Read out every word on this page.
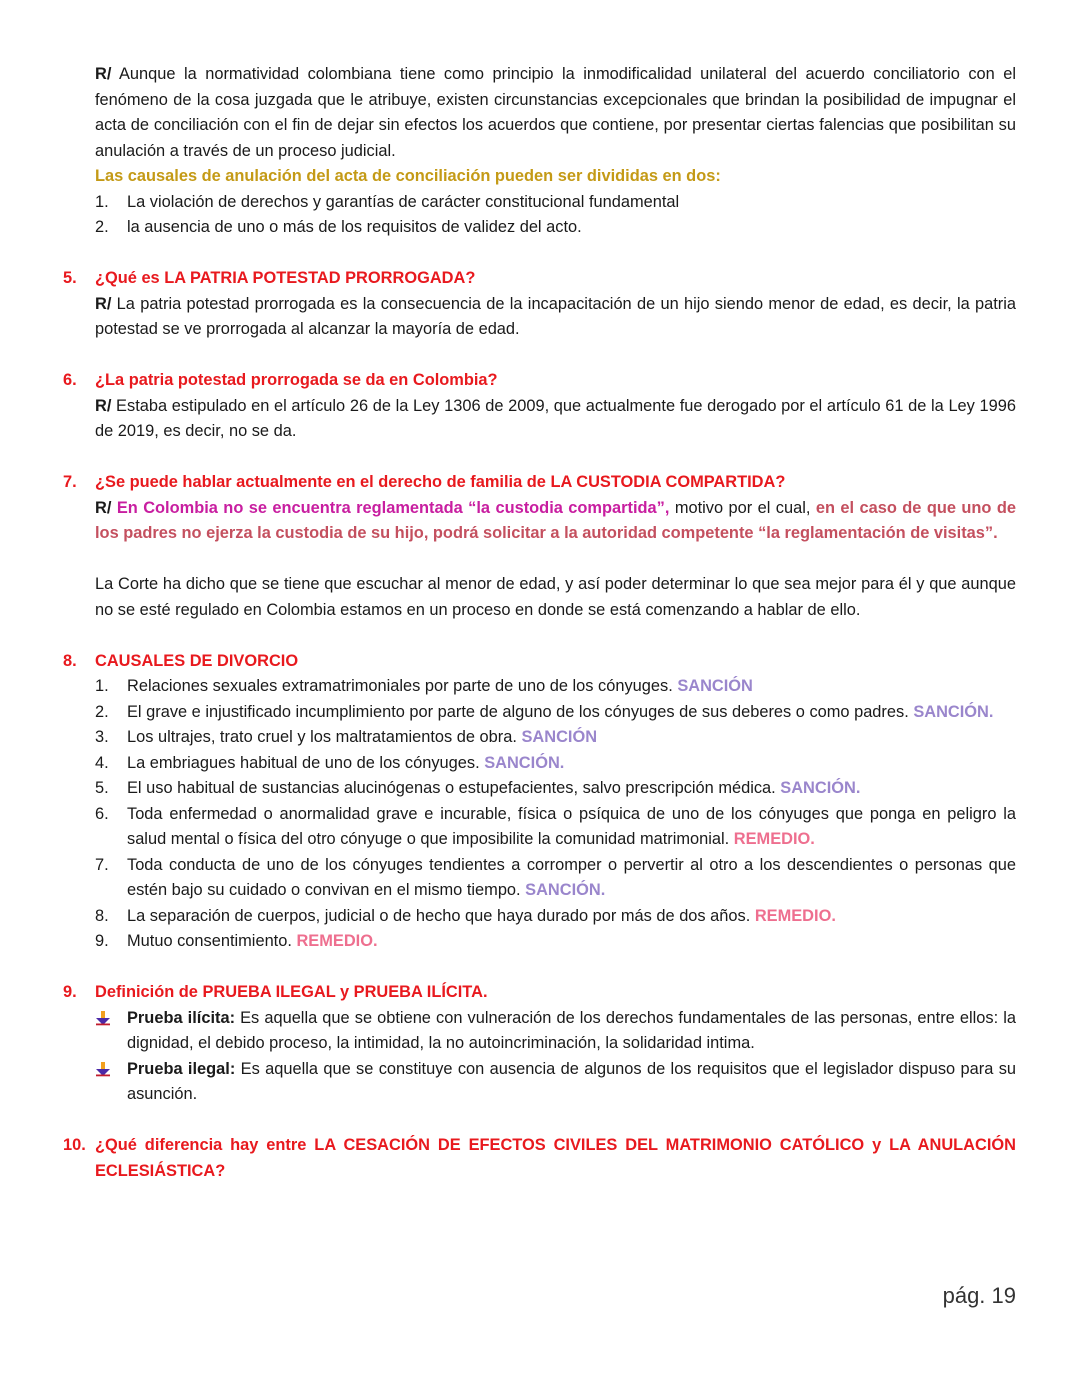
R/ Aunque la normatividad colombiana tiene como principio la inmodificalidad unilateral del acuerdo conciliatorio con el fenómeno de la cosa juzgada que le atribuye, existen circunstancias excepcionales que brindan la posibilidad de impugnar el acta de conciliación con el fin de dejar sin efectos los acuerdos que contiene, por presentar ciertas falencias que posibilitan su anulación a través de un proceso judicial.

Las causales de anulación del acta de conciliación pueden ser divididas en dos:

1. La violación de derechos y garantías de carácter constitucional fundamental
2. la ausencia de uno o más de los requisitos de validez del acto.
5. ¿Qué es LA PATRIA POTESTAD PRORROGADA?

R/ La patria potestad prorrogada es la consecuencia de la incapacitación de un hijo siendo menor de edad, es decir, la patria potestad se ve prorrogada al alcanzar la mayoría de edad.

6. ¿La patria potestad prorrogada se da en Colombia?

R/ Estaba estipulado en el artículo 26 de la Ley 1306 de 2009, que actualmente fue derogado por el artículo 61 de la Ley 1996 de 2019, es decir, no se da.

7. ¿Se puede hablar actualmente en el derecho de familia de LA CUSTODIA COMPARTIDA?

R/ En Colombia no se encuentra reglamentada “la custodia compartida”, motivo por el cual, en el caso de que uno de los padres no ejerza la custodia de su hijo, podrá solicitar a la autoridad competente “la reglamentación de visitas”.

La Corte ha dicho que se tiene que escuchar al menor de edad, y así poder determinar lo que sea mejor para él y que aunque no se esté regulado en Colombia estamos en un proceso en donde se está comenzando a hablar de ello.

8. CAUSALES DE DIVORCIO
1. Relaciones sexuales extramatrimoniales por parte de uno de los cónyuges. SANCIÓN
2. El grave e injustificado incumplimiento por parte de alguno de los cónyuges de sus deberes o como padres. SANCIÓN.
3. Los ultrajes, trato cruel y los maltratamientos de obra. SANCIÓN
4. La embriagues habitual de uno de los cónyuges. SANCIÓN.
5. El uso habitual de sustancias alucinógenas o estupefacientes, salvo prescripción médica. SANCIÓN.
6. Toda enfermedad o anormalidad grave e incurable, física o psíquica de uno de los cónyuges que ponga en peligro la salud mental o física del otro cónyuge o que imposibilite la comunidad matrimonial. REMEDIO.
7. Toda conducta de uno de los cónyuges tendientes a corromper o pervertir al otro a los descendientes o personas que estén bajo su cuidado o convivan en el mismo tiempo. SANCIÓN.
8. La separación de cuerpos, judicial o de hecho que haya durado por más de dos años. REMEDIO.
9. Mutuo consentimiento. REMEDIO.
9. Definición de PRUEBA ILEGAL y PRUEBA ILÍCITA.
Prueba ilícita: Es aquella que se obtiene con vulneración de los derechos fundamentales de las personas, entre ellos: la dignidad, el debido proceso, la intimidad, la no autoincriminación, la solidaridad intima.
Prueba ilegal: Es aquella que se constituye con ausencia de algunos de los requisitos que el legislador dispuso para su asunción.
10. ¿Qué diferencia hay entre LA CESACIÓN DE EFECTOS CIVILES DEL MATRIMONIO CATÓLICO y LA ANULACIÓN ECLESIÁSTICA?
pág. 19
